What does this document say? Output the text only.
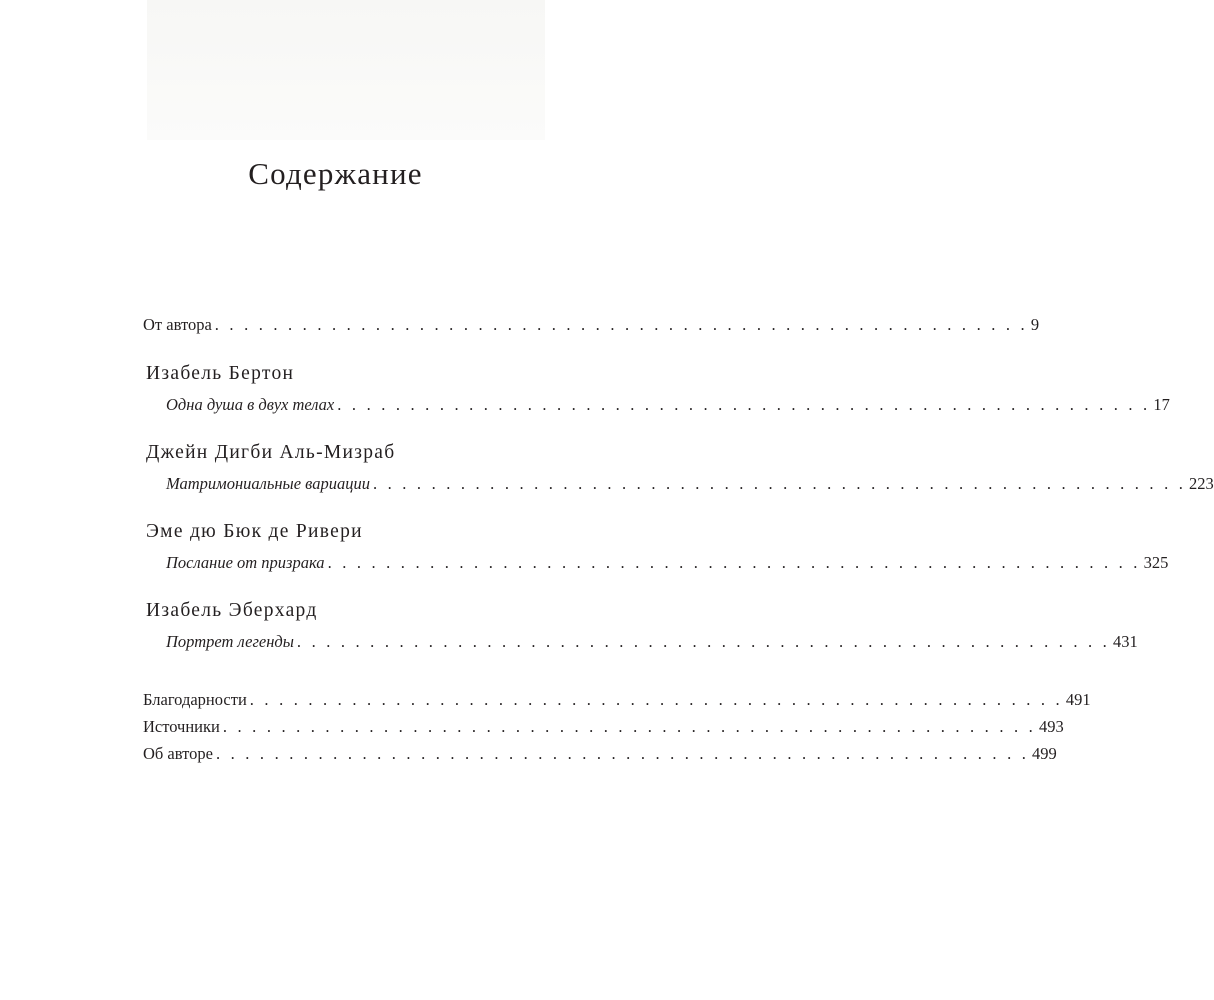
Содержание
От автора . . . . . . . . . . . . . . . . . . . . . . . . . . . . . . . . . . . . . . . . . . . . . . . . . . . . . . . . 9
Изабель Бертон
Одна душа в двух телах . . . . . . . . . . . . . . . . . . . . . . . . . . . . . . . . . . . . . . . . . . . . . . . . . . . . . . . . 17
Джейн Дигби Аль-Мизраб
Матримониальные вариации . . . . . . . . . . . . . . . . . . . . . . . . . . . . . . . . . . . . . . . . . . . . . . . . . . . . . . . . 223
Эме дю Бюк де Ривери
Послание от призрака . . . . . . . . . . . . . . . . . . . . . . . . . . . . . . . . . . . . . . . . . . . . . . . . . . . . . . . . 325
Изабель Эберхард
Портрет легенды . . . . . . . . . . . . . . . . . . . . . . . . . . . . . . . . . . . . . . . . . . . . . . . . . . . . . . . . 431
Благодарности . . . . . . . . . . . . . . . . . . . . . . . . . . . . . . . . . . . . . . . . . . . . . . . . . . . . . . . . 491
Источники . . . . . . . . . . . . . . . . . . . . . . . . . . . . . . . . . . . . . . . . . . . . . . . . . . . . . . . . 493
Об авторе . . . . . . . . . . . . . . . . . . . . . . . . . . . . . . . . . . . . . . . . . . . . . . . . . . . . . . . . 499
